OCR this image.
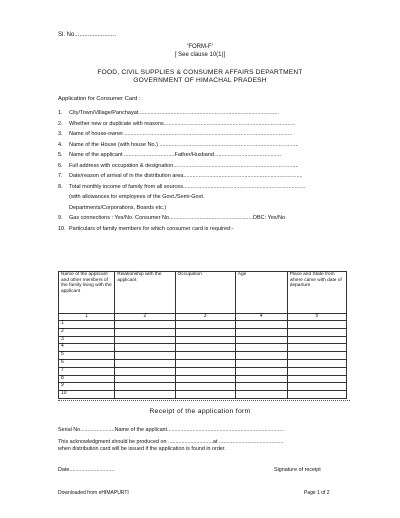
Sl. No.........................
'FORM-F'
[ See clause 10(1)]
FOOD, CIVIL SUPPLIES & CONSUMER AFFAIRS DEPARTMENT
GOVERNMENT OF HIMACHAL PRADESH
Application for Consumer Card :
1. City/Town/Village/Panchayat............................................................................................
2. Whether new or duplicate with reasons......................................................................................
3. Name of house-owner...............................................................................................................
4. Name of the House (with house No.) ...........................................................................................
5. Name of the applicant .................................Father/Husband............................................
6. Full address with occupation & designation..................................................................................
7. Date/reason of arrival of in the distribution area..............................................................................
8. Total monthly income of family from all sources................................................................................
(with allowances for employees of the Govt./Semi-Govt.
Departments/Corporations, Boards etc.)
9. Gas connections : Yes/No. Consumer No.......................................................DBC: Yes/No
10. Particulars of family members for which consumer card is required:-
Name of the applicant and other members of the family living with the applicant	Relationship with the applicant	Occupation	Age	Place and State from where came with date of departure
1	2	3	4	5
1				
2				
3				
4				
5				
6				
7				
8				
9				
10				
Receipt of the application form
Serial No.......................Name of the applicant..............................................................................
This acknowledgment should be produced on ..............................at ...........................................
when distribution card will be issued if the application is found in order.
Date..............................	Signature of receipt
Downloaded from eHIMAPURTI	Page 1 of 2
